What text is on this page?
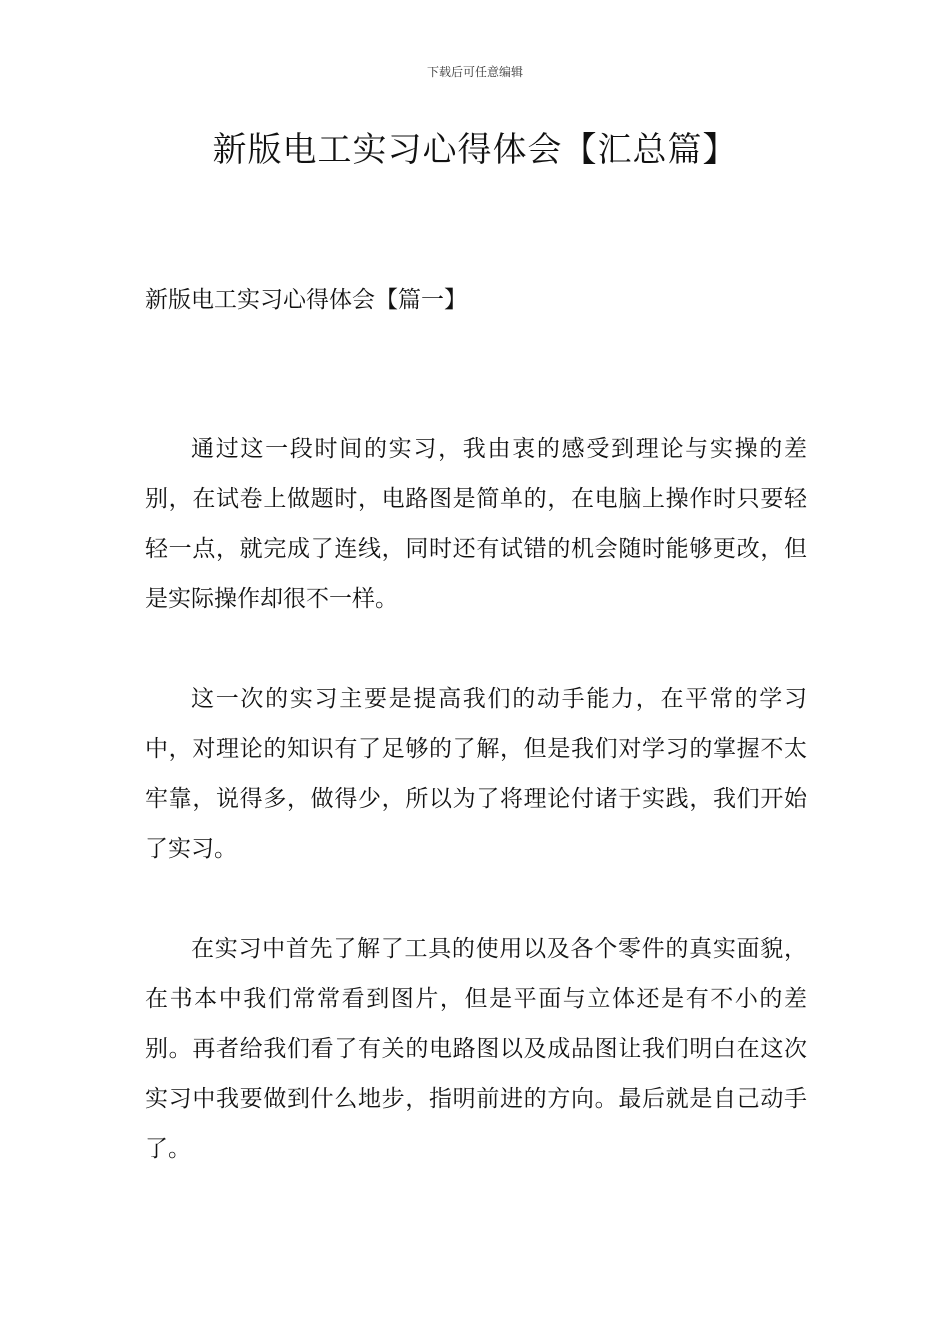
下载后可任意编辑
新版电工实习心得体会【汇总篇】
新版电工实习心得体会【篇一】

通过这一段时间的实习，我由衷的感受到理论与实操的差别，在试卷上做题时，电路图是简单的，在电脑上操作时只要轻轻一点，就完成了连线，同时还有试错的机会随时能够更改，但是实际操作却很不一样。

这一次的实习主要是提高我们的动手能力，在平常的学习中，对理论的知识有了足够的了解，但是我们对学习的掌握不太牢靠，说得多，做得少，所以为了将理论付诸于实践，我们开始了实习。

在实习中首先了解了工具的使用以及各个零件的真实面貌，在书本中我们常常看到图片，但是平面与立体还是有不小的差别。再者给我们看了有关的电路图以及成品图让我们明白在这次实习中我要做到什么地步，指明前进的方向。最后就是自己动手了。
